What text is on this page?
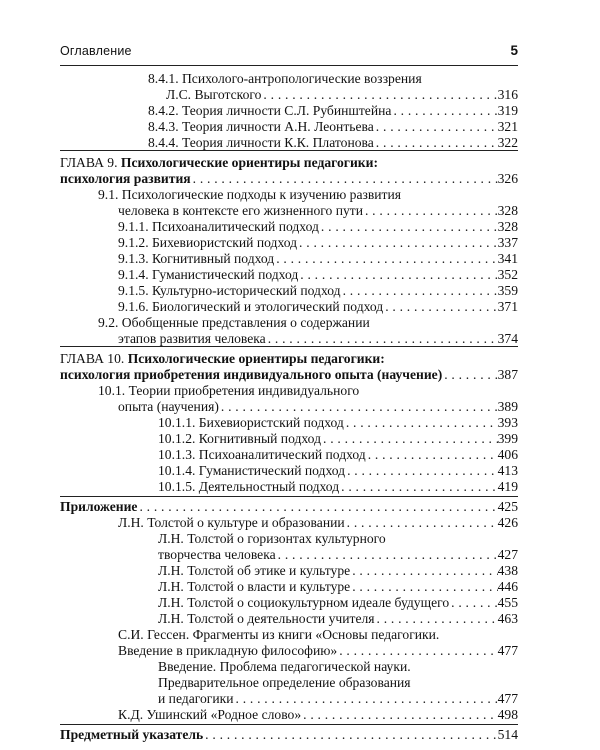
Оглавление	5
8.4.1. Психолого-антропологические воззрения
Л.С. Выготского . . .	316
8.4.2. Теория личности С.Л. Рубинштейна . . .	319
8.4.3. Теория личности А.Н. Леонтьева . . .	321
8.4.4. Теория личности К.К. Платонова . . .	322
ГЛАВА 9. Психологические ориентиры педагогики:
психология развития . . .	326
9.1. Психологические подходы к изучению развития
человека в контексте его жизненного пути . . .	328
9.1.1. Психоаналитический подход . . .	328
9.1.2. Бихевиористский подход . . .	337
9.1.3. Когнитивный подход . . .	341
9.1.4. Гуманистический подход . . .	352
9.1.5. Культурно-исторический подход . . .	359
9.1.6. Биологический и этологический подход . . .	371
9.2. Обобщенные представления о содержании
этапов развития человека . . .	374
ГЛАВА 10. Психологические ориентиры педагогики:
психология приобретения индивидуального опыта (научение) . . .	387
10.1. Теории приобретения индивидуального
опыта (научения) . . .	389
10.1.1. Бихевиористский подход . . .	393
10.1.2. Когнитивный подход . . .	399
10.1.3. Психоаналитический подход . . .	406
10.1.4. Гуманистический подход . . .	413
10.1.5. Деятельностный подход . . .	419
Приложение . . .	425
Л.Н. Толстой о культуре и образовании . . .	426
Л.Н. Толстой о горизонтах культурного
творчества человека . . .	427
Л.Н. Толстой об этике и культуре . . .	438
Л.Н. Толстой о власти и культуре . . .	446
Л.Н. Толстой о социокультурном идеале будущего . . .	455
Л.Н. Толстой о деятельности учителя . . .	463
С.И. Гессен. Фрагменты из книги «Основы педагогики.
Введение в прикладную философию» . . .	477
Введение. Проблема педагогической науки.
Предварительное определение образования
и педагогики . . .	477
К.Д. Ушинский «Родное слово» . . .	498
Предметный указатель . . .	514
